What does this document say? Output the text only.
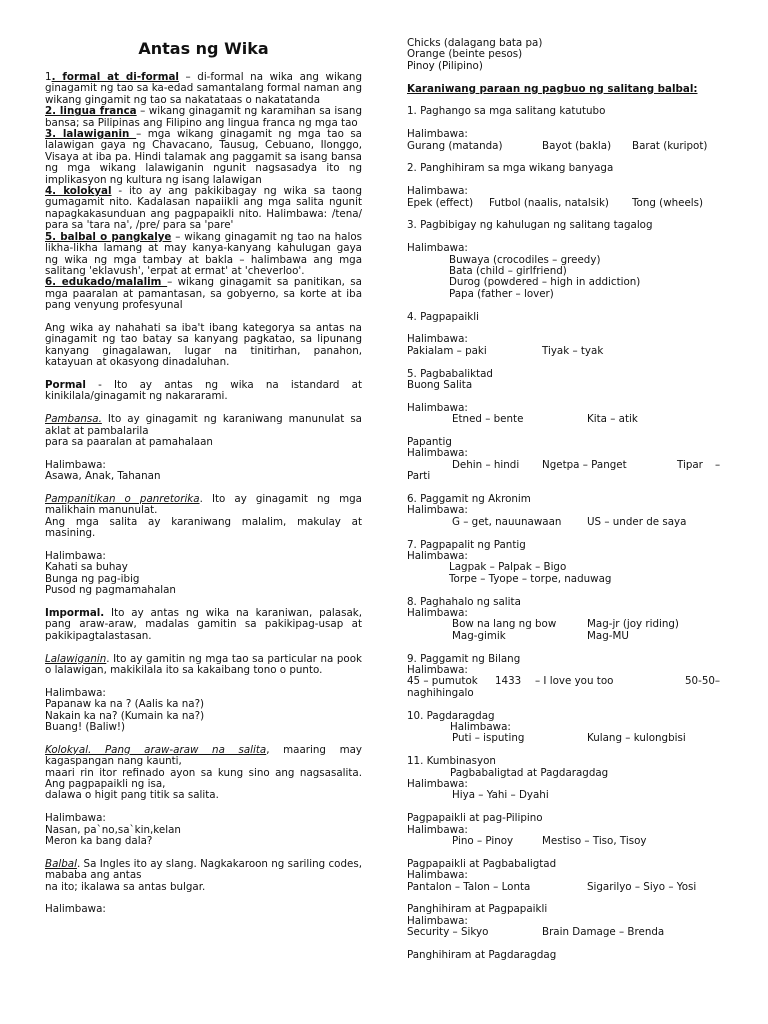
Antas ng Wika

1. formal at di-formal – di-formal na wika ang wikang ginagamit ng tao sa ka-edad samantalang formal naman ang wikang gingamit ng tao sa nakatataas o nakatatanda

2. lingua franca – wikang ginagamit ng karamihan sa isang bansa; sa Pilipinas ang Filipino ang lingua franca ng mga tao

3. lalawiganin – mga wikang ginagamit ng mga tao sa lalawigan gaya ng Chavacano, Tausug, Cebuano, Ilonggo, Visaya at iba pa. Hindi talamak ang paggamit sa isang bansa ng mga wikang lalawiganin ngunit nagsasadya ito ng implikasyon ng kultura ng isang lalawigan

4. kolokyal - ito ay ang pakikibagay ng wika sa taong gumagamit nito. Kadalasan napaiikli ang mga salita ngunit napagkakasunduan ang pagpapaikli nito. Halimbawa: /tena/ para sa 'tara na', /pre/ para sa 'pare'

5. balbal o pangkalye – wikang ginagamit ng tao na halos likha-likha lamang at may kanya-kanyang kahulugan gaya ng wika ng mga tambay at bakla – halimbawa ang mga salitang 'eklavush', 'erpat at ermat' at 'cheverloo'.

6. edukado/malalim – wikang ginagamit sa panitikan, sa mga paaralan at pamantasan, sa gobyerno, sa korte at iba pang venyung profesyunal

Ang wika ay nahahati sa iba't ibang kategorya sa antas na ginagamit ng tao batay sa kanyang pagkatao, sa lipunang kanyang ginagalawan, lugar na tinitirhan, panahon, katayuan at okasyong dinadaluhan.

Pormal - Ito ay antas ng wika na istandard at kinikilala/ginagamit ng nakararami.

Pambansa. Ito ay ginagamit ng karaniwang manunulat sa aklat at pambalarila

para sa paaralan at pamahalaan

Halimbawa:

Asawa, Anak, Tahanan

Pampanitikan o panretorika. Ito ay ginagamit ng mga malikhain manunulat.

Ang mga salita ay karaniwang malalim, makulay at masining.

Halimbawa:

Kahati sa buhay

Bunga ng pag-ibig

Pusod ng pagmamahalan

Impormal. Ito ay antas ng wika na karaniwan, palasak, pang araw-araw, madalas gamitin sa pakikipag-usap at pakikipagtalastasan.

Lalawiganin. Ito ay gamitin ng mga tao sa particular na pook o lalawigan, makikilala ito sa kakaibang tono o punto.

Halimbawa:

Papanaw ka na ? (Aalis ka na?)

Nakain ka na? (Kumain ka na?)

Buang! (Baliw!)

Kolokyal. Pang araw-araw na salita, maaring may kagaspangan nang kaunti,

maari rin itor refinado ayon sa kung sino ang nagsasalita. Ang pagpapaikli ng isa,

dalawa o higit pang titik sa salita.

Halimbawa:

Nasan, pa`no,sa`kin,kelan

Meron ka bang dala?

Balbal. Sa Ingles ito ay slang. Nagkakaroon ng sariling codes, mababa ang antas

na ito; ikalawa sa antas bulgar.

Halimbawa:

Chicks (dalagang bata pa)

Orange (beinte pesos)

Pinoy (Pilipino)

Karaniwang paraan ng pagbuo ng salitang balbal:

1. Paghango sa mga salitang katutubo

Halimbawa:

Gurang (matanda)	Bayot (bakla) Barat (kuripot)

2. Panghihiram sa mga wikang banyaga

Halimbawa:

Epek (effect) Futbol (naalis, natalsik) Tong (wheels)

3. Pagbibigay ng kahulugan ng salitang tagalog

Halimbawa:

Buwaya (crocodiles – greedy)

Bata (child – girlfriend)

Durog (powdered – high in addiction)

Papa (father – lover)

4. Pagpapaikli

Halimbawa:

Pakialam – paki	Tiyak – tyak

5. Pagbabaliktad

Buong Salita

Halimbawa:

Etned – bente	Kita – atik

Papantig

Halimbawa:

Dehin – hindi Ngetpa – Panget	Tipar –

Parti

6. Paggamit ng Akronim

Halimbawa:

G – get, nauunawaan US – under de saya

7. Pagpapalit ng Pantig

Halimbawa:

Lagpak – Palpak – Bigo

Torpe – Tyope – torpe, naduwag

8. Paghahalo ng salita

Halimbawa:

Bow na lang ng bow	Mag-jr (joy riding)
Mag-gimik	Mag-MU

9. Paggamit ng Bilang

Halimbawa:

45 – pumutok 1433 – I love you too	50-50–

naghihingalo

10. Pagdaragdag

Halimbawa:

Puti – isputing	Kulang – kulongbisi

11. Kumbinasyon

Pagbabaligtad at Pagdaragdag

Halimbawa:

Hiya – Yahi – Dyahi

Pagpapaikli at pag-Pilipino

Halimbawa:

Pino – Pinoy	Mestiso – Tiso, Tisoy

Pagpapaikli at Pagbabaligtad

Halimbawa:

Pantalon – Talon – Lonta	Sigarilyo – Siyo – Yosi

Panghihiram at Pagpapaikli

Halimbawa:

Security – Sikyo	Brain Damage – Brenda

Panghihiram at Pagdaragdag
